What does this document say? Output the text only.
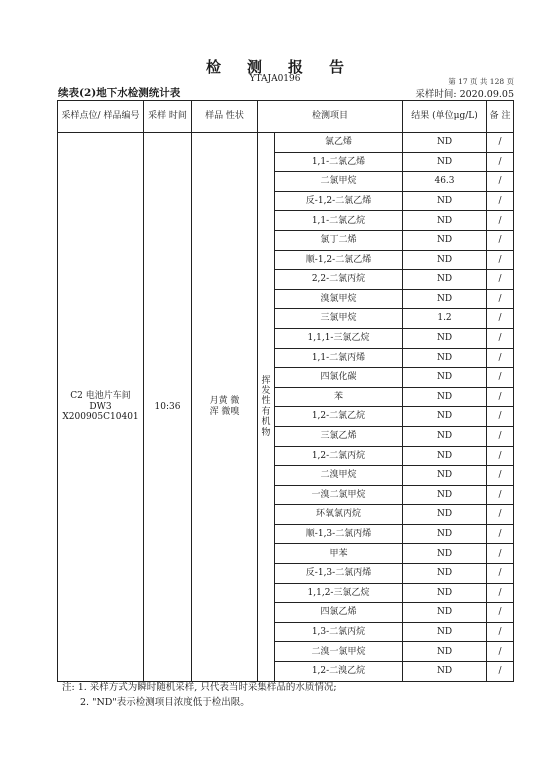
检测报告
YTAJA0196	第 17 页 共 128 页
续表(2)地下水检测统计表	采样时间: 2020.09.05
采样点位/ 样品编号	采样 时间	样品 性状	检测项目		结果 (单位μg/L)	备 注

C2 电池片车间
DW3
X200905C10401	10:36	月黄 微浑 微嗅	挥发性有机物	氯乙烯	ND	/
				1,1-二氯乙烯	ND	/
				二氯甲烷	46.3	/
				反-1,2-二氯乙烯	ND	/
				1,1-二氯乙烷	ND	/
				氯丁二烯	ND	/
				顺-1,2-二氯乙烯	ND	/
				2,2-二氯丙烷	ND	/
				溴氯甲烷	ND	/
				三氯甲烷	1.2	/
				1,1,1-三氯乙烷	ND	/
				1,1-二氯丙烯	ND	/
				四氯化碳	ND	/
				苯	ND	/
				1,2-二氯乙烷	ND	/
				三氯乙烯	ND	/
				1,2-二氯丙烷	ND	/
				二溴甲烷	ND	/
				一溴二氯甲烷	ND	/
				环氧氯丙烷	ND	/
				顺-1,3-二氯丙烯	ND	/
				甲苯	ND	/
				反-1,3-二氯丙烯	ND	/
				1,1,2-三氯乙烷	ND	/
				四氯乙烯	ND	/
				1,3-二氯丙烷	ND	/
				二溴一氯甲烷	ND	/
				1,2-二溴乙烷	ND	/
注: 1. 采样方式为瞬时随机采样, 只代表当时采集样品的水质情况;
2. "ND"表示检测项目浓度低于检出限。
